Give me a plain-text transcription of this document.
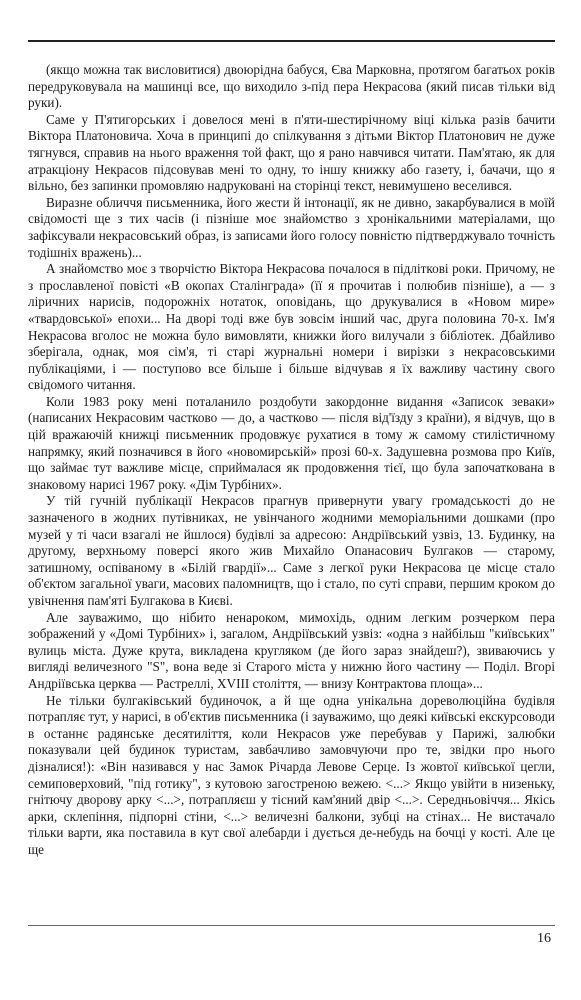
(якщо можна так висловитися) двоюрідна бабуся, Єва Марковна, протягом багатьох років передруковувала на машинці все, що виходило з-під пера Некрасова (який писав тільки від руки).

Саме у П'ятигорських і довелося мені в п'яти-шестирічному віці кілька разів бачити Віктора Платоновича. Хоча в принципі до спілкування з дітьми Віктор Платонович не дуже тягнувся, справив на нього враження той факт, що я рано навчився читати. Пам'ятаю, як для атракціону Некрасов підсовував мені то одну, то іншу книжку або газету, і, бачачи, що я вільно, без запинки промовляю надруковані на сторінці текст, невимушено веселився.

Виразне обличчя письменника, його жести й інтонації, як не дивно, закарбувалися в моїй свідомості ще з тих часів (і пізніше моє знайомство з хронікальними матеріалами, що зафіксували некрасовський образ, із записами його голосу повністю підтверджувало точність тодішніх вражень)...

А знайомство моє з творчістю Віктора Некрасова почалося в підліткові роки. Причому, не з прославленої повісті «В окопах Сталінграда» (її я прочитав і полюбив пізніше), а — з ліричних нарисів, подорожніх нотаток, оповідань, що друкувалися в «Новом мире» «твардовської» епохи... На дворі тоді вже був зовсім інший час, друга половина 70-х. Ім'я Некрасова вголос не можна було вимовляти, книжки його вилучали з бібліотек. Дбайливо зберігала, однак, моя сім'я, ті старі журнальні номери і вирізки з некрасовськими публікаціями, і — поступово все більше і більше відчував я їх важливу частину свого свідомого читання.

Коли 1983 року мені поталанило роздобути закордонне видання «Записок зеваки» (написаних Некрасовим частково — до, а частково — після від'їзду з країни), я відчув, що в цій вражаючій книжці письменник продовжує рухатися в тому ж самому стилістичному напрямку, який позначився в його «новомирській» прозі 60-х. Задушевна розмова про Київ, що займає тут важливе місце, сприймалася як продовження тієї, що була започаткована в знаковому нарисі 1967 року. «Дім Турбіних».

У тій гучній публікації Некрасов прагнув привернути увагу громадськості до не зазначеного в жодних путівниках, не увінчаного жодними меморіальними дошками (про музей у ті часи взагалі не йшлося) будівлі за адресою: Андріївський узвіз, 13. Будинку, на другому, верхньому поверсі якого жив Михайло Опанасович Булгаков — старому, затишному, оспіваному в «Білій гвардії»... Саме з легкої руки Некрасова це місце стало об'єктом загальної уваги, масових паломництв, що і стало, по суті справи, першим кроком до увічнення пам'яті Булгакова в Києві.

Але зауважимо, що нібито ненароком, мимохідь, одним легким розчерком пера зображений у «Домі Турбіних» і, загалом, Андріївський узвіз: «одна з найбільш "київських" вулиць міста. Дуже крута, викладена кругляком (де його зараз знайдеш?), звиваючись у вигляді величезного "S", вона веде зі Старого міста у нижню його частину — Поділ. Вгорі Андріївська церква — Растреллі, XVIII століття, — внизу Контрактова площа»...

Не тільки булгаківський будиночок, а й ще одна унікальна дореволюційна будівля потрапляє тут, у нарисі, в об'єктив письменника (і зауважимо, що деякі київські екскурсоводи в останнє радянське десятиліття, коли Некрасов уже перебував у Парижі, залюбки показували цей будинок туристам, завбачливо замовчуючи про те, звідки про нього дізналися!): «Він називався у нас Замок Річарда Левове Серце. Із жовтої київської цегли, семиповерховий, "під готику", з кутовою загостреною вежею. <...> Якщо увійти в низеньку, гнітючу дворову арку <...>, потрапляєш у тісний кам'яний двір <...>. Середньовіччя... Якісь арки, склепіння, підпорні стіни, <...> величезні балкони, зубці на стінах... Не вистачало тільки варти, яка поставила в кут свої алебарди і дується де-небудь на бочці у кості. Але це ще

16
